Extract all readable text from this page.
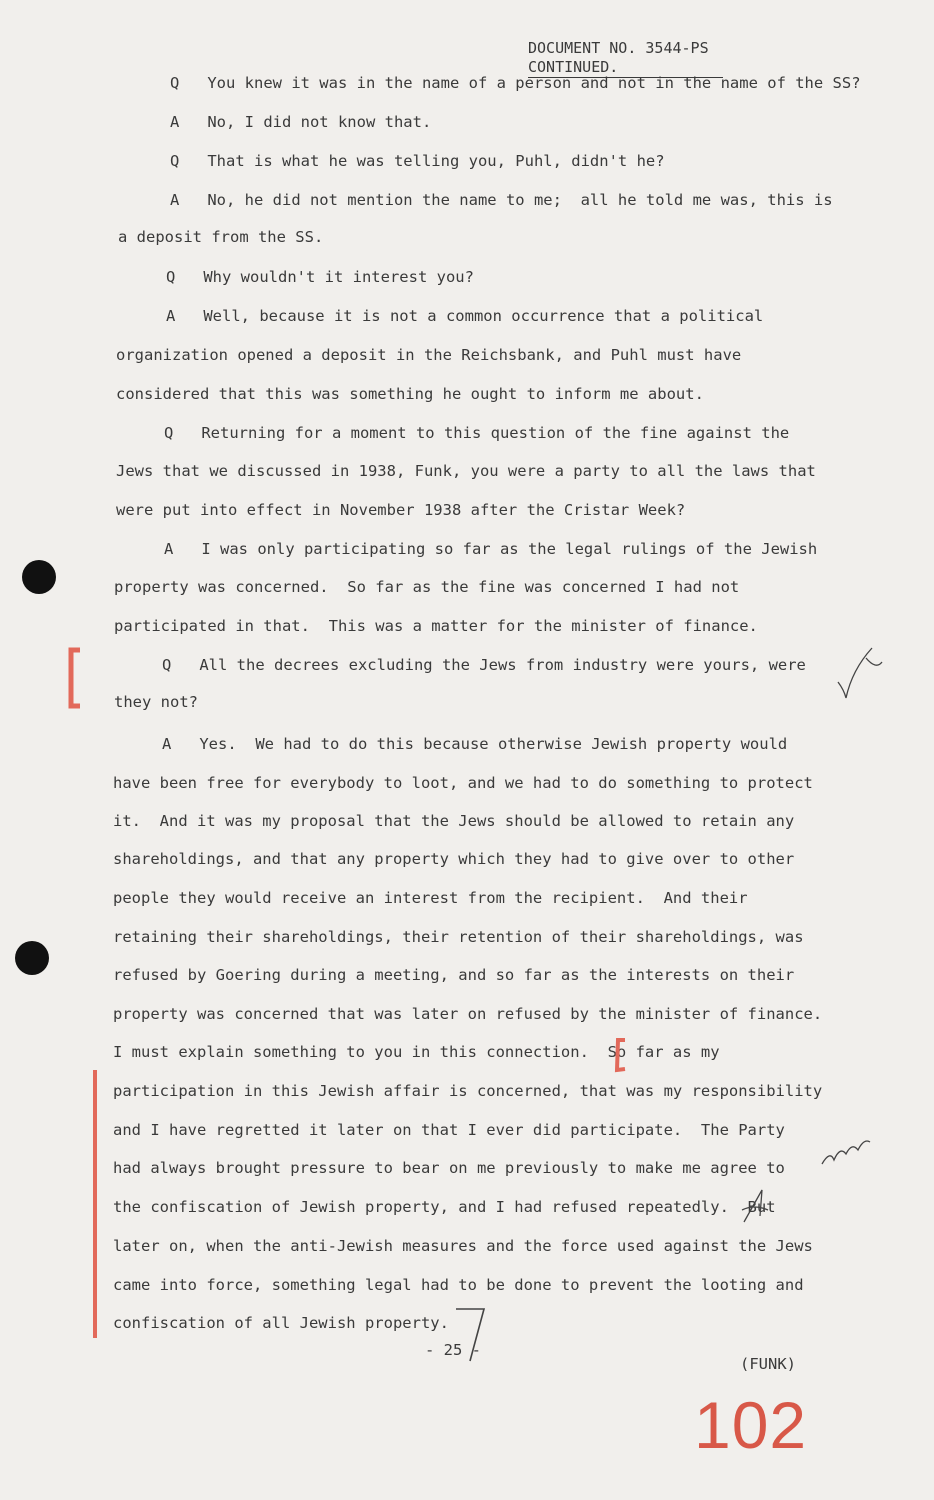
DOCUMENT NO. 3544-PS
CONTINUED.
Q   You knew it was in the name of a person and not in the name of the SS?
A   No, I did not know that.
Q   That is what he was telling you, Puhl, didn't he?
A   No, he did not mention the name to me;  all he told me was, this is
a deposit from the SS.
Q   Why wouldn't it interest you?
A   Well, because it is not a common occurrence that a political
organization opened a deposit in the Reichsbank, and Puhl must have
considered that this was something he ought to inform me about.
Q   Returning for a moment to this question of the fine against the
Jews that we discussed in 1938, Funk, you were a party to all the laws that
were put into effect in November 1938 after the Cristar Week?
A   I was only participating so far as the legal rulings of the Jewish
property was concerned.  So far as the fine was concerned I had not
participated in that.  This was a matter for the minister of finance.
Q   All the decrees excluding the Jews from industry were yours, were
they not?
A   Yes.  We had to do this because otherwise Jewish property would
have been free for everybody to loot, and we had to do something to protect
it.  And it was my proposal that the Jews should be allowed to retain any
shareholdings, and that any property which they had to give over to other
people they would receive an interest from the recipient.  And their
retaining their shareholdings, their retention of their shareholdings, was
refused by Goering during a meeting, and so far as the interests on their
property was concerned that was later on refused by the minister of finance.
I must explain something to you in this connection.  So far as my
participation in this Jewish affair is concerned, that was my responsibility
and I have regretted it later on that I ever did participate.  The Party
had always brought pressure to bear on me previously to make me agree to
the confiscation of Jewish property, and I had refused repeatedly.  But
later on, when the anti-Jewish measures and the force used against the Jews
came into force, something legal had to be done to prevent the looting and
confiscation of all Jewish property.
- 25 -
(FUNK)
102
